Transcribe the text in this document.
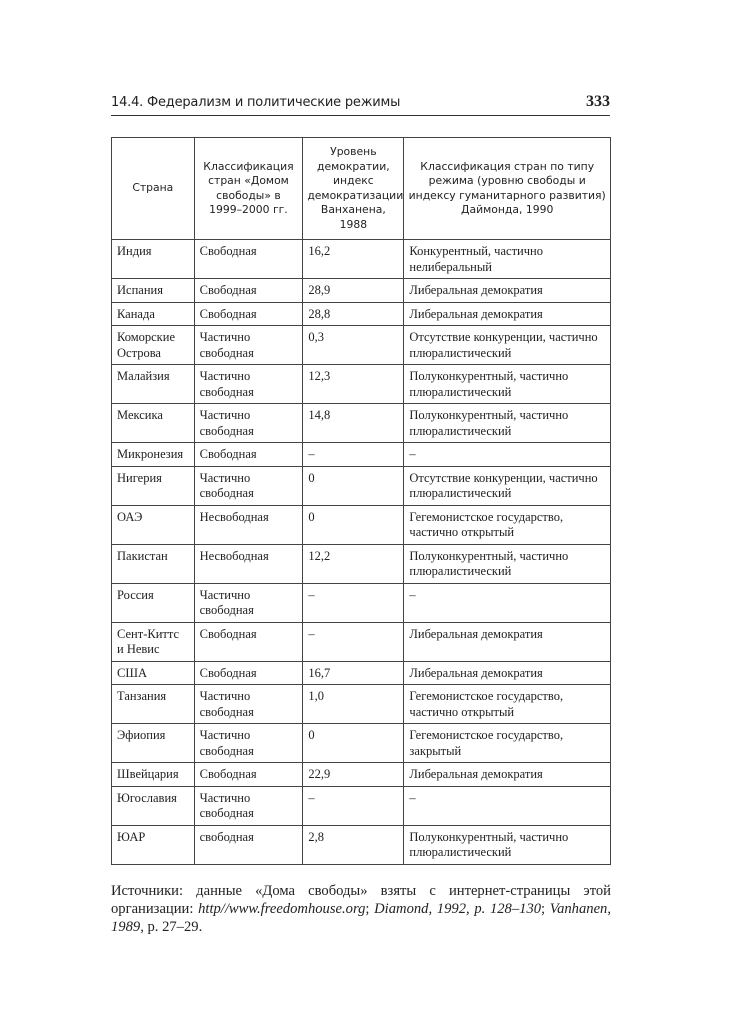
14.4. Федерализм и политические режимы	333
Страна	Классификация стран «Домом свободы» в 1999–2000 гг.	Уровень демократии, индекс демократизации Ванханена, 1988	Классификация стран по типу режима (уровню свободы и индексу гуманитарного развития) Даймонда, 1990
Индия	Свободная	16,2	Конкурентный, частично нелиберальный
Испания	Свободная	28,9	Либеральная демократия
Канада	Свободная	28,8	Либеральная демократия
Коморские Острова	Частично свободная	0,3	Отсутствие конкуренции, частично плюралистический
Малайзия	Частично свободная	12,3	Полуконкурентный, частично плюралистический
Мексика	Частично свободная	14,8	Полуконкурентный, частично плюралистический
Микронезия	Свободная	–	–
Нигерия	Частично свободная	0	Отсутствие конкуренции, частично плюралистический
ОАЭ	Несвободная	0	Гегемонистское государство, частично открытый
Пакистан	Несвободная	12,2	Полуконкурентный, частично плюралистический
Россия	Частично свободная	–	–
Сент-Киттс и Невис	Свободная	–	Либеральная демократия
США	Свободная	16,7	Либеральная демократия
Танзания	Частично свободная	1,0	Гегемонистское государство, частично открытый
Эфиопия	Частично свободная	0	Гегемонистское государство, закрытый
Швейцария	Свободная	22,9	Либеральная демократия
Югославия	Частично свободная	–	–
ЮАР	свободная	2,8	Полуконкурентный, частично плюралистический
Источники: данные «Дома свободы» взяты с интернет-страницы этой организации: http//www.freedomhouse.org; Diamond, 1992, p. 128–130; Vanhanen, 1989, р. 27–29.
